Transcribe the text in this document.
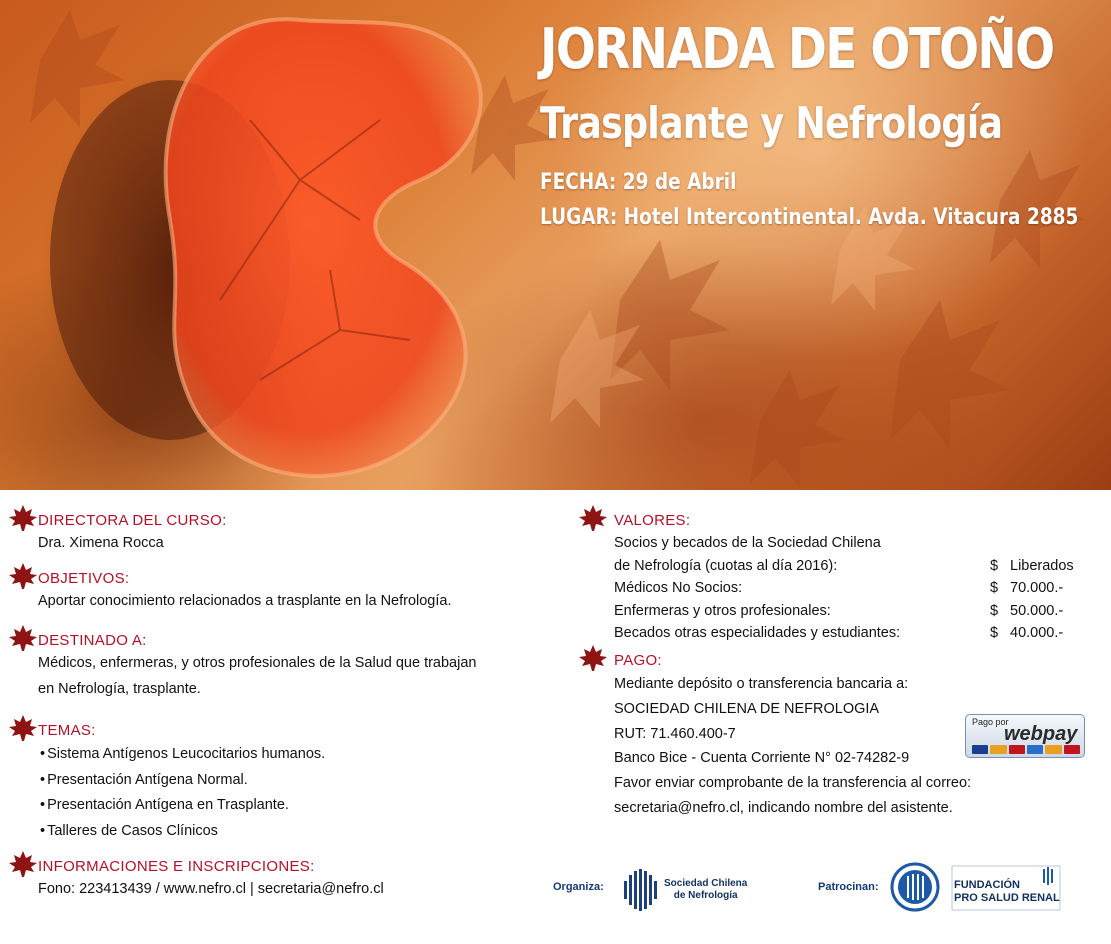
JORNADA DE OTOÑO
Trasplante y Nefrología
FECHA: 29 de Abril
LUGAR: Hotel Intercontinental. Avda. Vitacura 2885
DIRECTORA DEL CURSO:
Dra. Ximena Rocca
OBJETIVOS:
Aportar conocimiento relacionados a trasplante en la Nefrología.
DESTINADO A:
Médicos, enfermeras, y otros profesionales de la Salud que trabajan
en Nefrología, trasplante.
TEMAS:
• Sistema Antígenos Leucocitarios humanos.
• Presentación Antígena Normal.
• Presentación Antígena en Trasplante.
• Talleres de Casos Clínicos
INFORMACIONES E INSCRIPCIONES:
Fono: 223413439 / www.nefro.cl | secretaria@nefro.cl
VALORES:
Socios y becados de la Sociedad Chilena		
de Nefrología (cuotas al día 2016):	$	Liberados
Médicos No Socios:	$	70.000.-
Enfermeras y otros profesionales:	$	50.000.-
Becados otras especialidades y estudiantes:	$	40.000.-
PAGO:
Mediante depósito o transferencia bancaria a:
SOCIEDAD CHILENA DE NEFROLOGIA
RUT: 71.460.400-7
Banco Bice - Cuenta Corriente N° 02-74282-9
Favor enviar comprobante de la transferencia al correo:
secretaria@nefro.cl, indicando nombre del asistente.
Pago por
webpay
Organiza:	Sociedad Chilena
de Nefrología
Patrocinan:	FUNDACIÓN
PRO SALUD RENAL
